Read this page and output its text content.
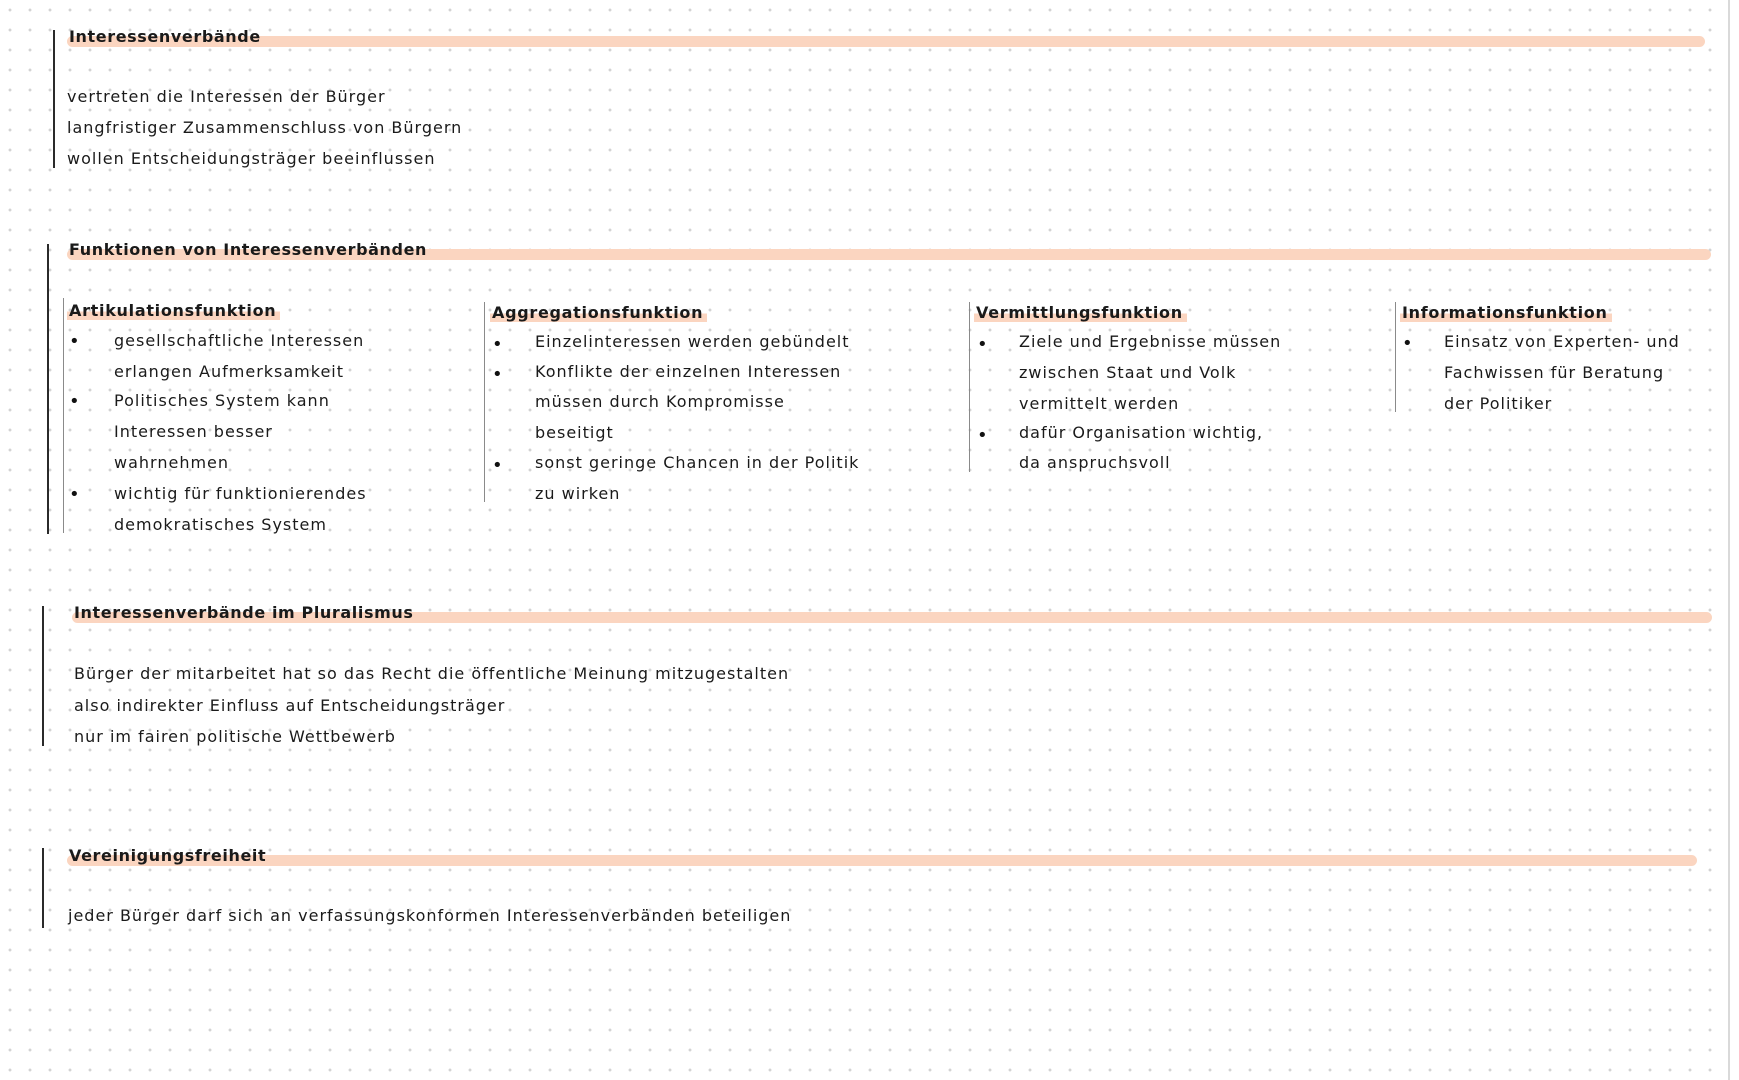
Interessenverbände
vertreten die Interessen der Bürger
langfristiger Zusammenschluss von Bürgern
wollen Entscheidungsträger beeinflussen
Funktionen von Interessenverbänden
Artikulationsfunktion
• gesellschaftliche Interessen
erlangen Aufmerksamkeit
• Politisches System kann
Interessen besser
wahrnehmen
• wichtig für funktionierendes
demokratisches System
Aggregationsfunktion
• Einzelinteressen werden gebündelt
• Konflikte der einzelnen Interessen
müssen durch Kompromisse
beseitigt
• sonst geringe Chancen in der Politik
zu wirken
Vermittlungsfunktion
• Ziele und Ergebnisse müssen
zwischen Staat und Volk
vermittelt werden
• dafür Organisation wichtig,
da anspruchsvoll
Informationsfunktion
• Einsatz von Experten- und
Fachwissen für Beratung
der Politiker
Interessenverbände im Pluralismus
Bürger der mitarbeitet hat so das Recht die öffentliche Meinung mitzugestalten
also indirekter Einfluss auf Entscheidungsträger
nur im fairen politische Wettbewerb
Vereinigungsfreiheit
jeder Bürger darf sich an verfassungskonformen Interessenverbänden beteiligen
